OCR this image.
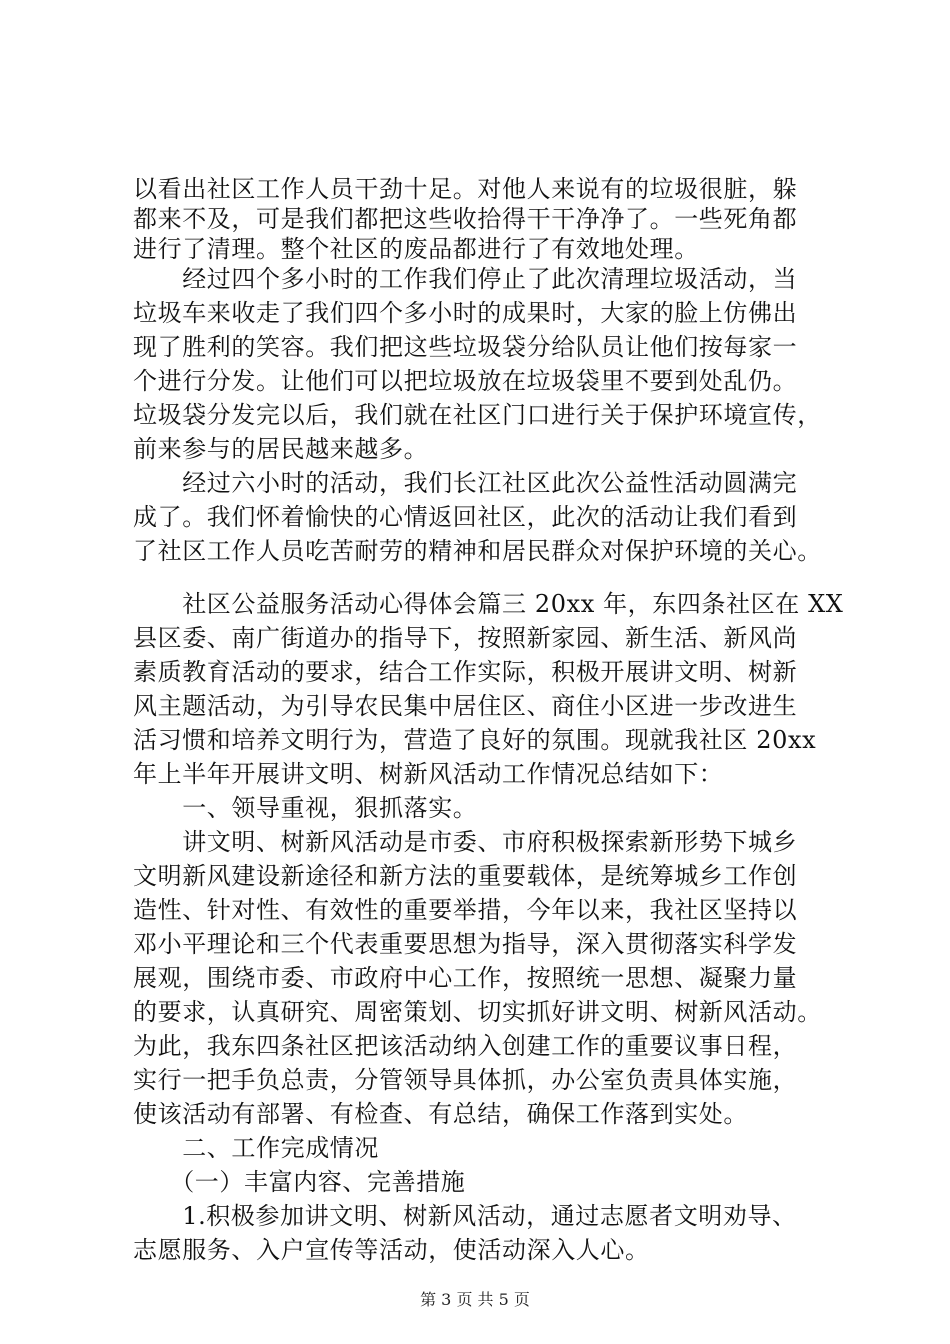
以看出社区工作人员干劲十足。对他人来说有的垃圾很脏，躲
都来不及，可是我们都把这些收拾得干干净净了。一些死角都
进行了清理。整个社区的废品都进行了有效地处理。
　　经过四个多小时的工作我们停止了此次清理垃圾活动，当
垃圾车来收走了我们四个多小时的成果时，大家的脸上仿佛出
现了胜利的笑容。我们把这些垃圾袋分给队员让他们按每家一
个进行分发。让他们可以把垃圾放在垃圾袋里不要到处乱仍。
垃圾袋分发完以后，我们就在社区门口进行关于保护环境宣传，
前来参与的居民越来越多。
　　经过六小时的活动，我们长江社区此次公益性活动圆满完
成了。我们怀着愉快的心情返回社区，此次的活动让我们看到
了社区工作人员吃苦耐劳的精神和居民群众对保护环境的关心。
　　社区公益服务活动心得体会篇三 20xx 年，东四条社区在 XX
县区委、南广街道办的指导下，按照新家园、新生活、新风尚
素质教育活动的要求，结合工作实际，积极开展讲文明、树新
风主题活动，为引导农民集中居住区、商住小区进一步改进生
活习惯和培养文明行为，营造了良好的氛围。现就我社区 20xx
年上半年开展讲文明、树新风活动工作情况总结如下：
　　一、领导重视，狠抓落实。
　　讲文明、树新风活动是市委、市府积极探索新形势下城乡
文明新风建设新途径和新方法的重要载体，是统筹城乡工作创
造性、针对性、有效性的重要举措，今年以来，我社区坚持以
邓小平理论和三个代表重要思想为指导，深入贯彻落实科学发
展观，围绕市委、市政府中心工作，按照统一思想、凝聚力量
的要求，认真研究、周密策划、切实抓好讲文明、树新风活动。
为此，我东四条社区把该活动纳入创建工作的重要议事日程，
实行一把手负总责，分管领导具体抓，办公室负责具体实施，
使该活动有部署、有检查、有总结，确保工作落到实处。
　　二、工作完成情况
　　（一）丰富内容、完善措施
　　1.积极参加讲文明、树新风活动，通过志愿者文明劝导、
第 3 页 共 5 页
志愿服务、入户宣传等活动，使活动深入人心。
